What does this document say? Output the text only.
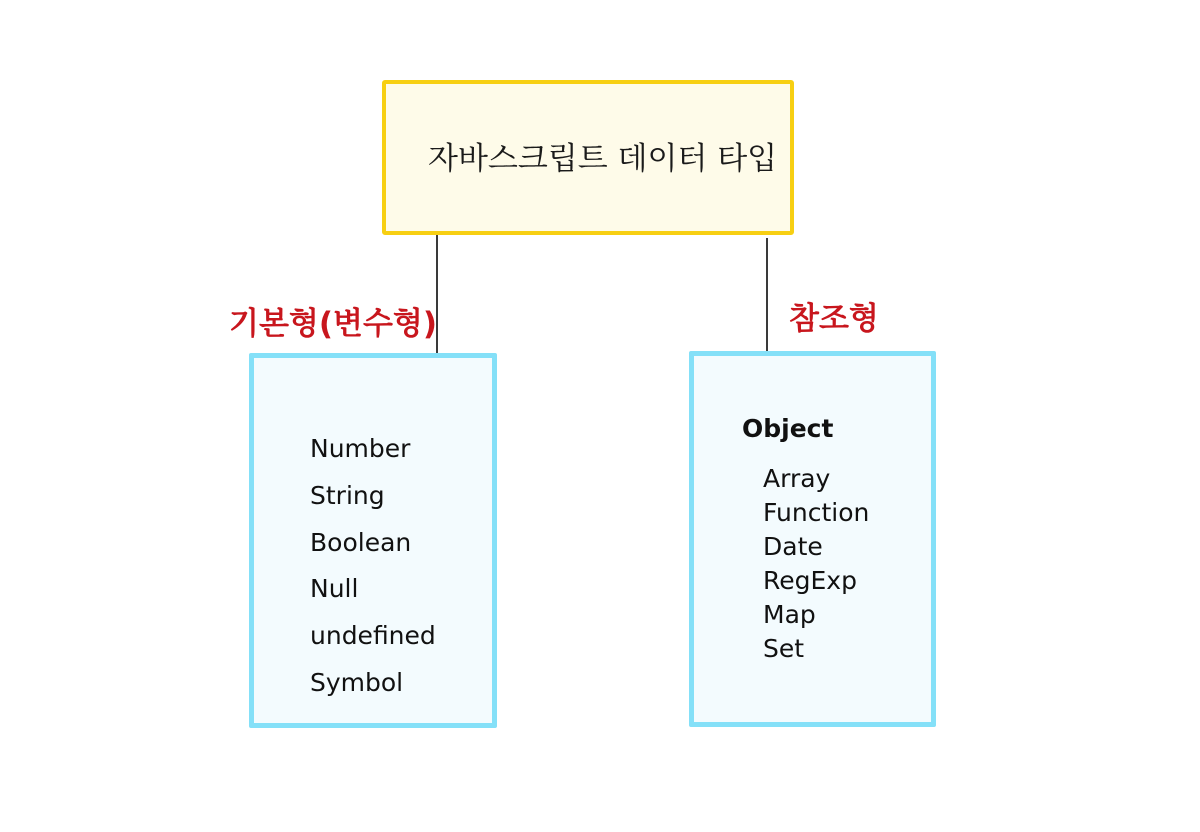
자바스크립트 데이터 타입
기본형(변수형)	참조형
Number
String
Boolean
Null
undefined
Symbol
Object
Array
Function
Date
RegExp
Map
Set
